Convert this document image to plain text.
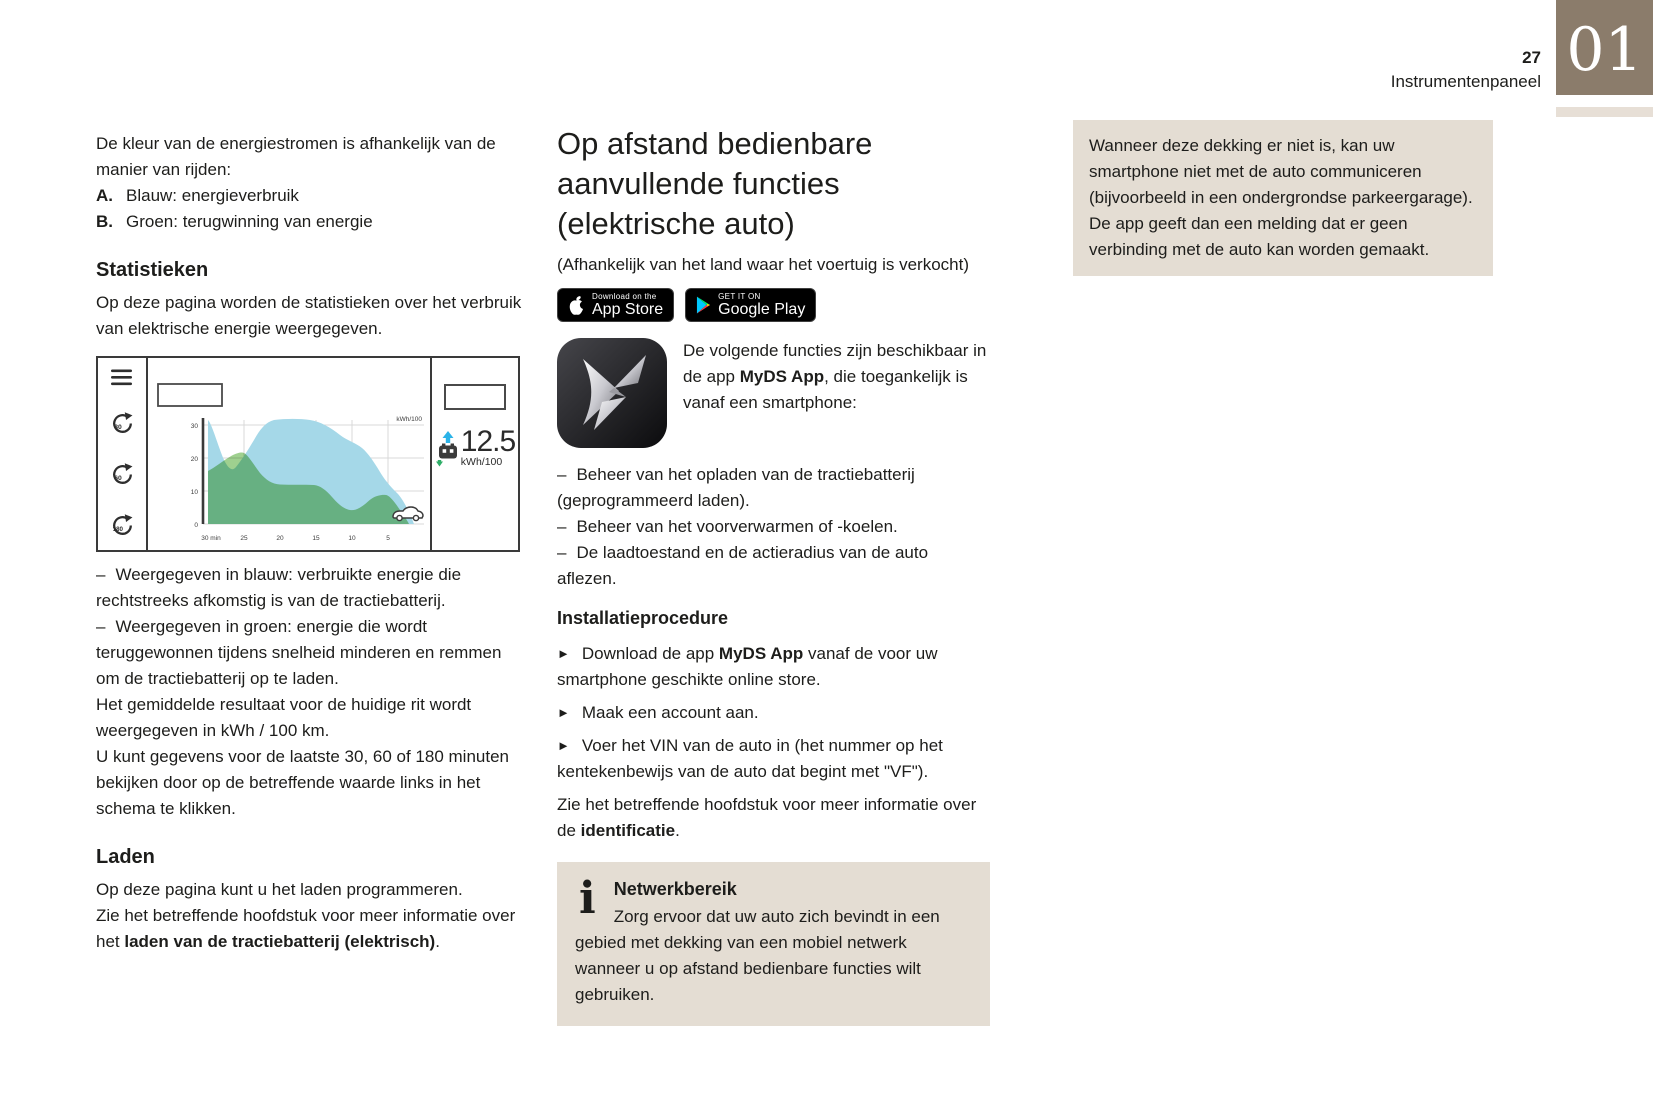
27
Instrumentenpaneel 01

De kleur van de energiestromen is afhankelijk van de manier van rijden:

A. Blauw: energieverbruik

B. Groen: terugwinning van energie

Statistieken

Op deze pagina worden de statistieken over het verbruik van elektrische energie weergegeven.

30
60
180
30
20
10
0
30 min	25	20	15	10	5
kWh/100
12.5
kWh/100

– Weergegeven in blauw: verbruikte energie die rechtstreeks afkomstig is van de tractiebatterij.

– Weergegeven in groen: energie die wordt teruggewonnen tijdens snelheid minderen en remmen om de tractiebatterij op te laden.

Het gemiddelde resultaat voor de huidige rit wordt weergegeven in kWh / 100 km.

U kunt gegevens voor de laatste 30, 60 of 180 minuten bekijken door op de betreffende waarde links in het schema te klikken.

Laden

Op deze pagina kunt u het laden programmeren.

Zie het betreffende hoofdstuk voor meer informatie over het laden van de tractiebatterij (elektrisch).

Op afstand bedienbare aanvullende functies (elektrische auto)

(Afhankelijk van het land waar het voertuig is verkocht)

Download on the
App Store
GET IT ON
Google Play

De volgende functies zijn beschikbaar in de app MyDS App, die toegankelijk is vanaf een smartphone:

– Beheer van het opladen van de tractiebatterij (geprogrammeerd laden).

– Beheer van het voorverwarmen of -koelen.

– De laadtoestand en de actieradius van de auto aflezen.

Installatieprocedure

► Download de app MyDS App vanaf de voor uw smartphone geschikte online store.

► Maak een account aan.

► Voer het VIN van de auto in (het nummer op het kentekenbewijs van de auto dat begint met "VF").

Zie het betreffende hoofdstuk voor meer informatie over de identificatie.

i	Netwerkbereik

Zorg ervoor dat uw auto zich bevindt in een gebied met dekking van een mobiel netwerk wanneer u op afstand bedienbare functies wilt gebruiken.

Wanneer deze dekking er niet is, kan uw smartphone niet met de auto communiceren (bijvoorbeeld in een ondergrondse parkeergarage). De app geeft dan een melding dat er geen verbinding met de auto kan worden gemaakt.
